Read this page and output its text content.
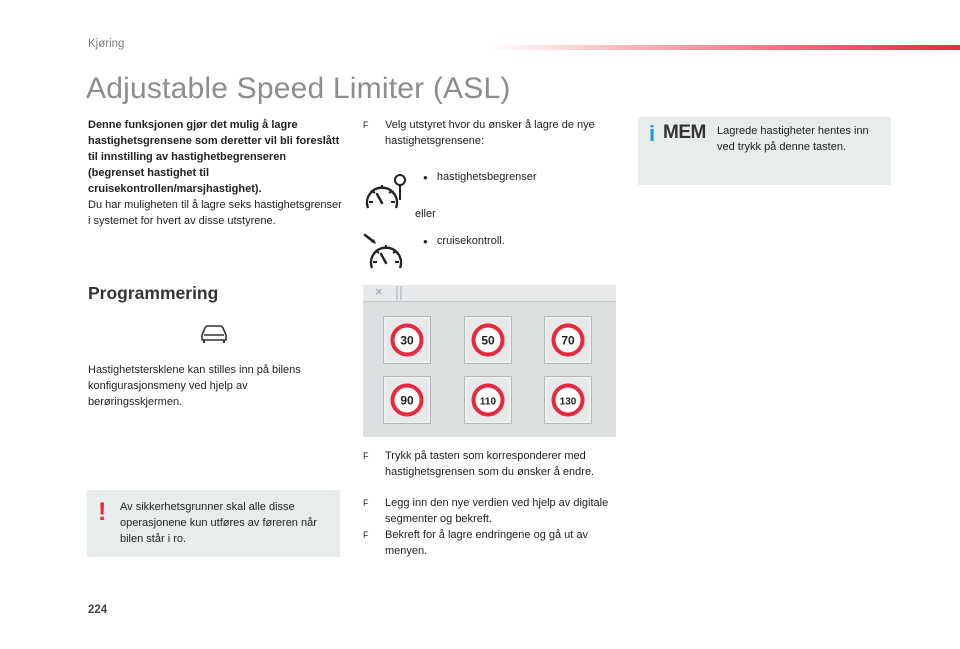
Kjøring
Adjustable Speed Limiter (ASL)
Denne funksjonen gjør det mulig å lagre hastighetsgrensene som deretter vil bli foreslått til innstilling av hastighetbegrenseren (begrenset hastighet til cruisekontrollen/marsjhastighet).
Du har muligheten til å lagre seks hastighetsgrenser i systemet for hvert av disse utstyrene.
Programmering
Hastighetstersklene kan stilles inn på bilens konfigurasjonsmeny ved hjelp av berøringsskjermen.
! Av sikkerhetsgrunner skal alle disse operasjonene kun utføres av føreren når bilen står i ro.
F Velg utstyret hvor du ønsker å lagre de nye hastighetsgrensene:
● hastighetsbegrenser
eller
● cruisekontroll.
×
30	50	70
90	110	130
F Trykk på tasten som korresponderer med hastighetsgrensen som du ønsker å endre.
F Legg inn den nye verdien ved hjelp av digitale segmenter og bekreft.
F Bekreft for å lagre endringene og gå ut av menyen.
i MEM Lagrede hastigheter hentes inn ved trykk på denne tasten.
224
